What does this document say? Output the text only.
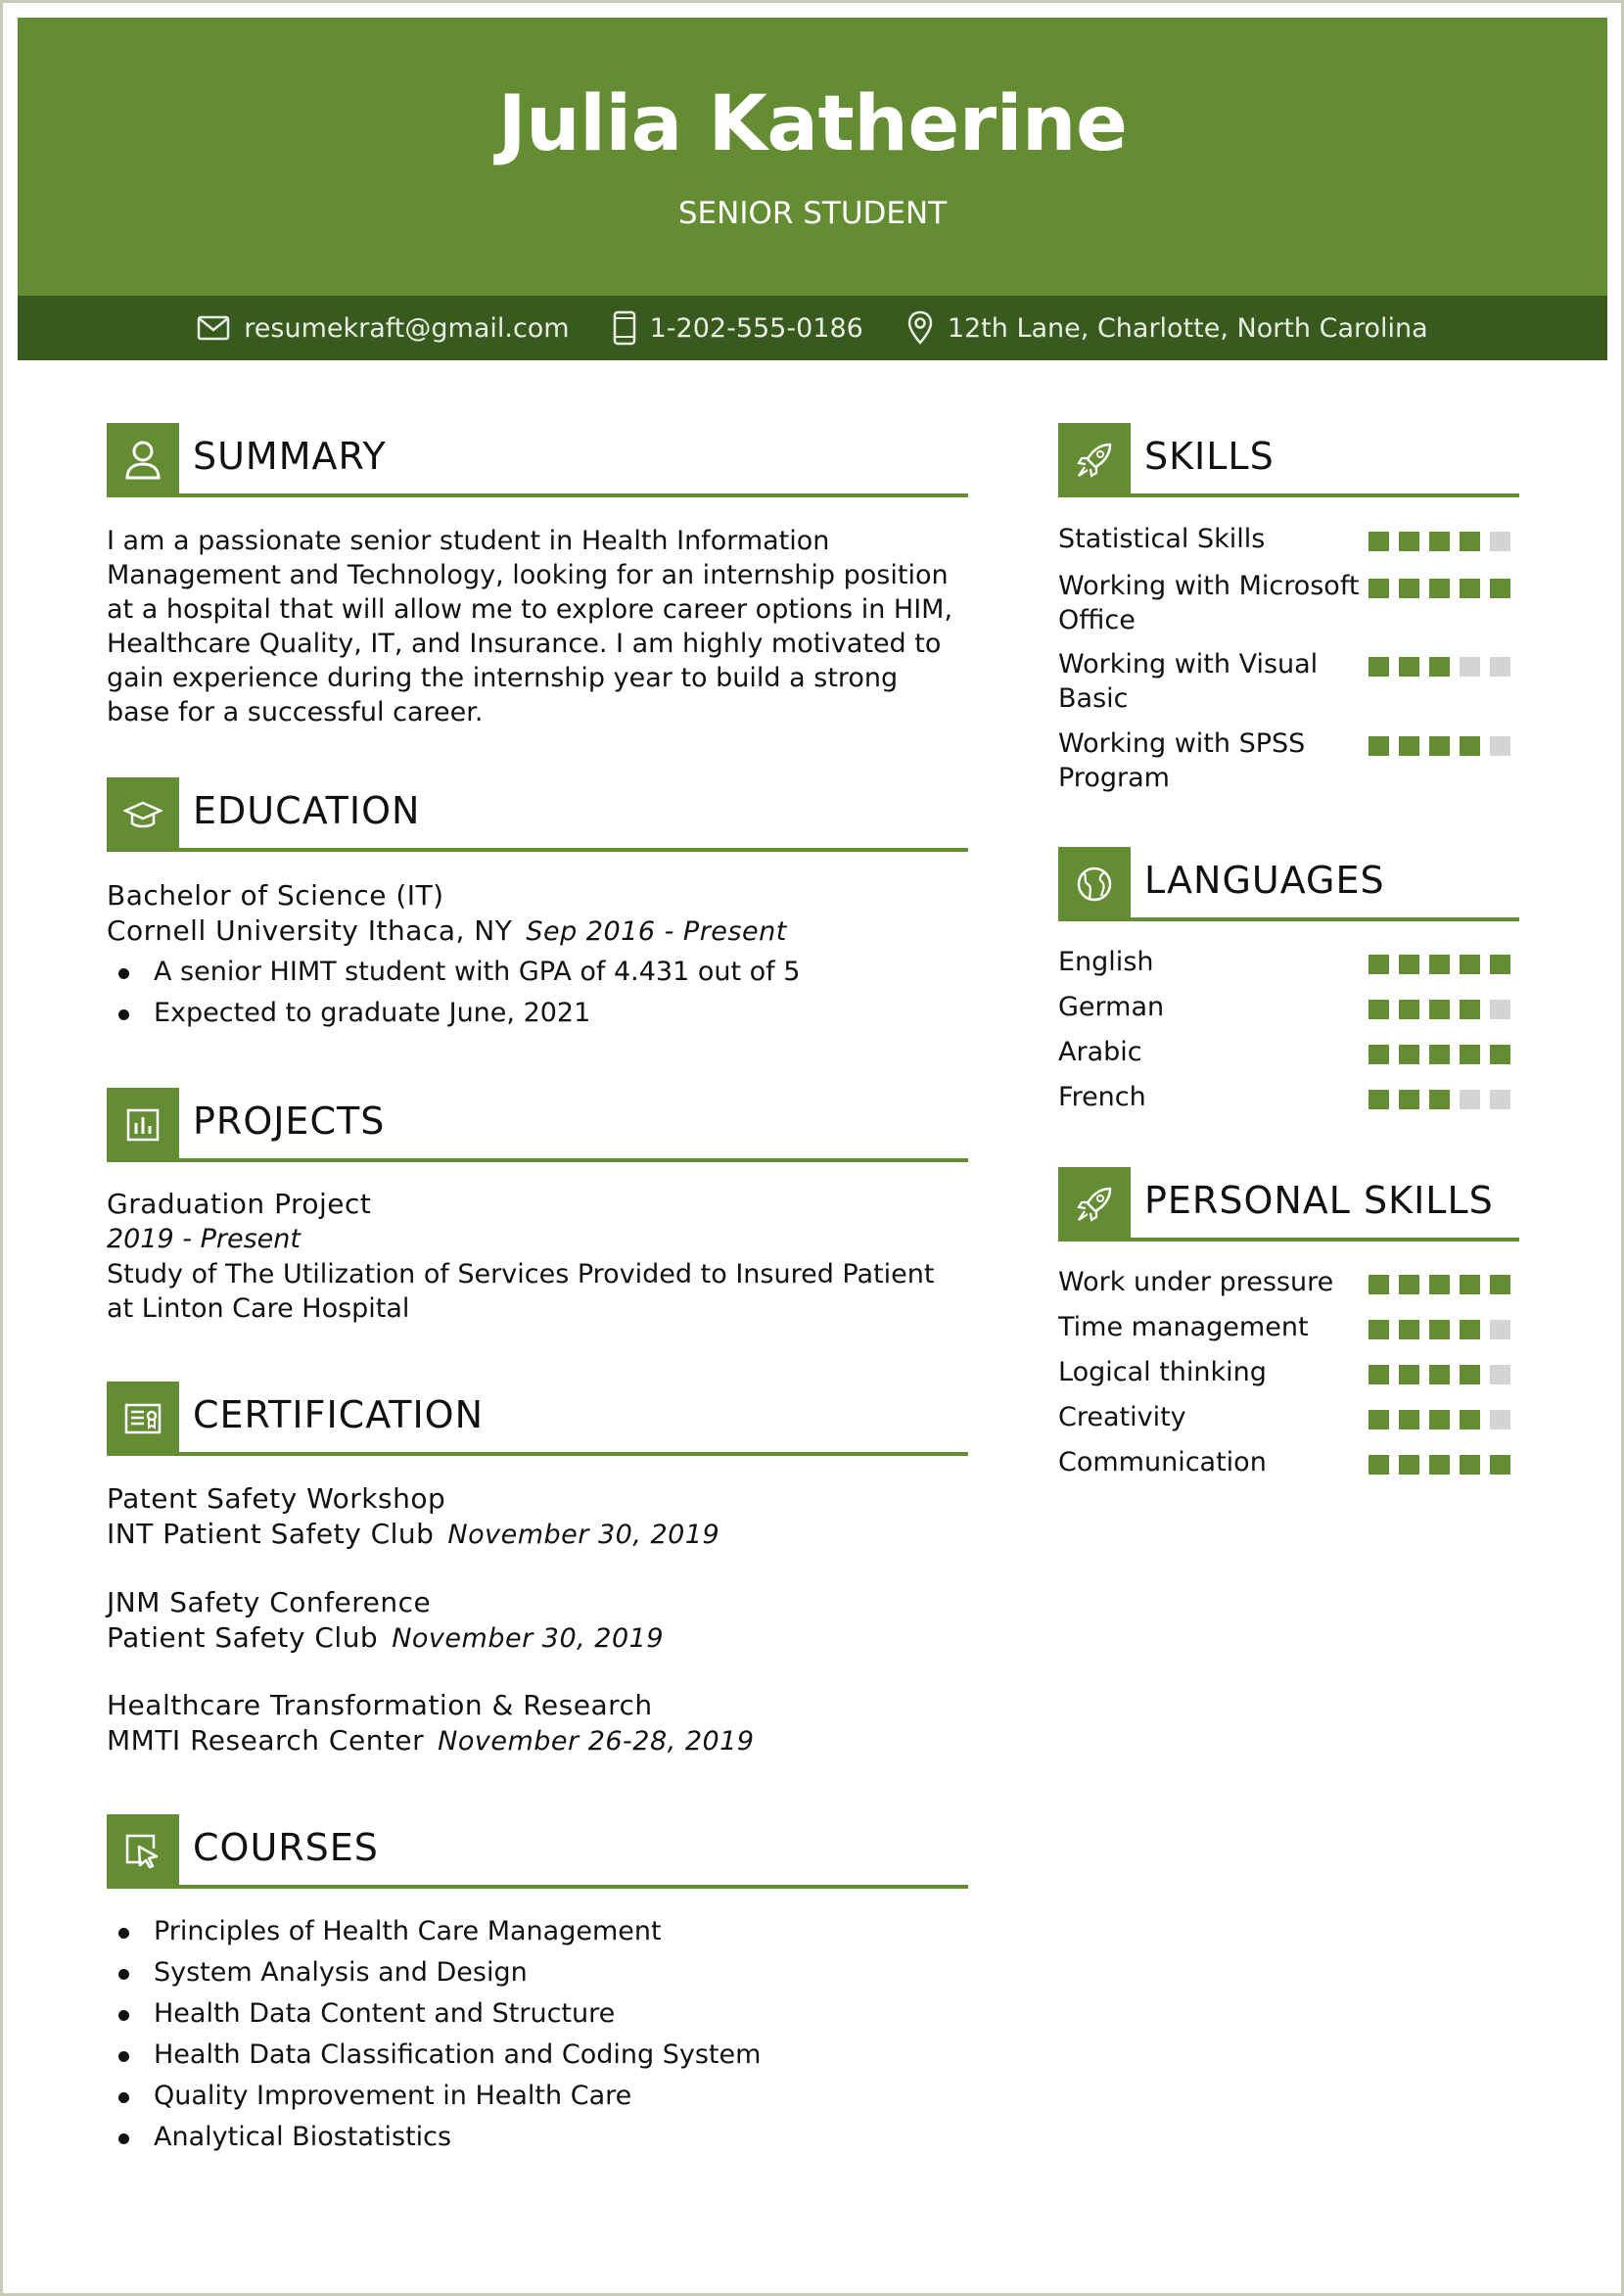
Julia Katherine
SENIOR STUDENT
resumekraft@gmail.com	1-202-555-0186	12th Lane, Charlotte, North Carolina
SUMMARY
I am a passionate senior student in Health Information Management and Technology, looking for an internship position at a hospital that will allow me to explore career options in HIM, Healthcare Quality, IT, and Insurance. I am highly motivated to gain experience during the internship year to build a strong base for a successful career.
EDUCATION
Bachelor of Science (IT)
Cornell University Ithaca, NY Sep 2016 - Present
A senior HIMT student with GPA of 4.431 out of 5
Expected to graduate June, 2021
PROJECTS
Graduation Project
2019 - Present
Study of The Utilization of Services Provided to Insured Patient at Linton Care Hospital
CERTIFICATION
Patent Safety Workshop
INT Patient Safety Club November 30, 2019
JNM Safety Conference
Patient Safety Club November 30, 2019
Healthcare Transformation & Research
MMTI Research Center November 26-28, 2019
COURSES
Principles of Health Care Management
System Analysis and Design
Health Data Content and Structure
Health Data Classification and Coding System
Quality Improvement in Health Care
Analytical Biostatistics
SKILLS
Statistical Skills
Working with Microsoft Office
Working with Visual Basic
Working with SPSS Program
LANGUAGES
English
German
Arabic
French
PERSONAL SKILLS
Work under pressure
Time management
Logical thinking
Creativity
Communication
